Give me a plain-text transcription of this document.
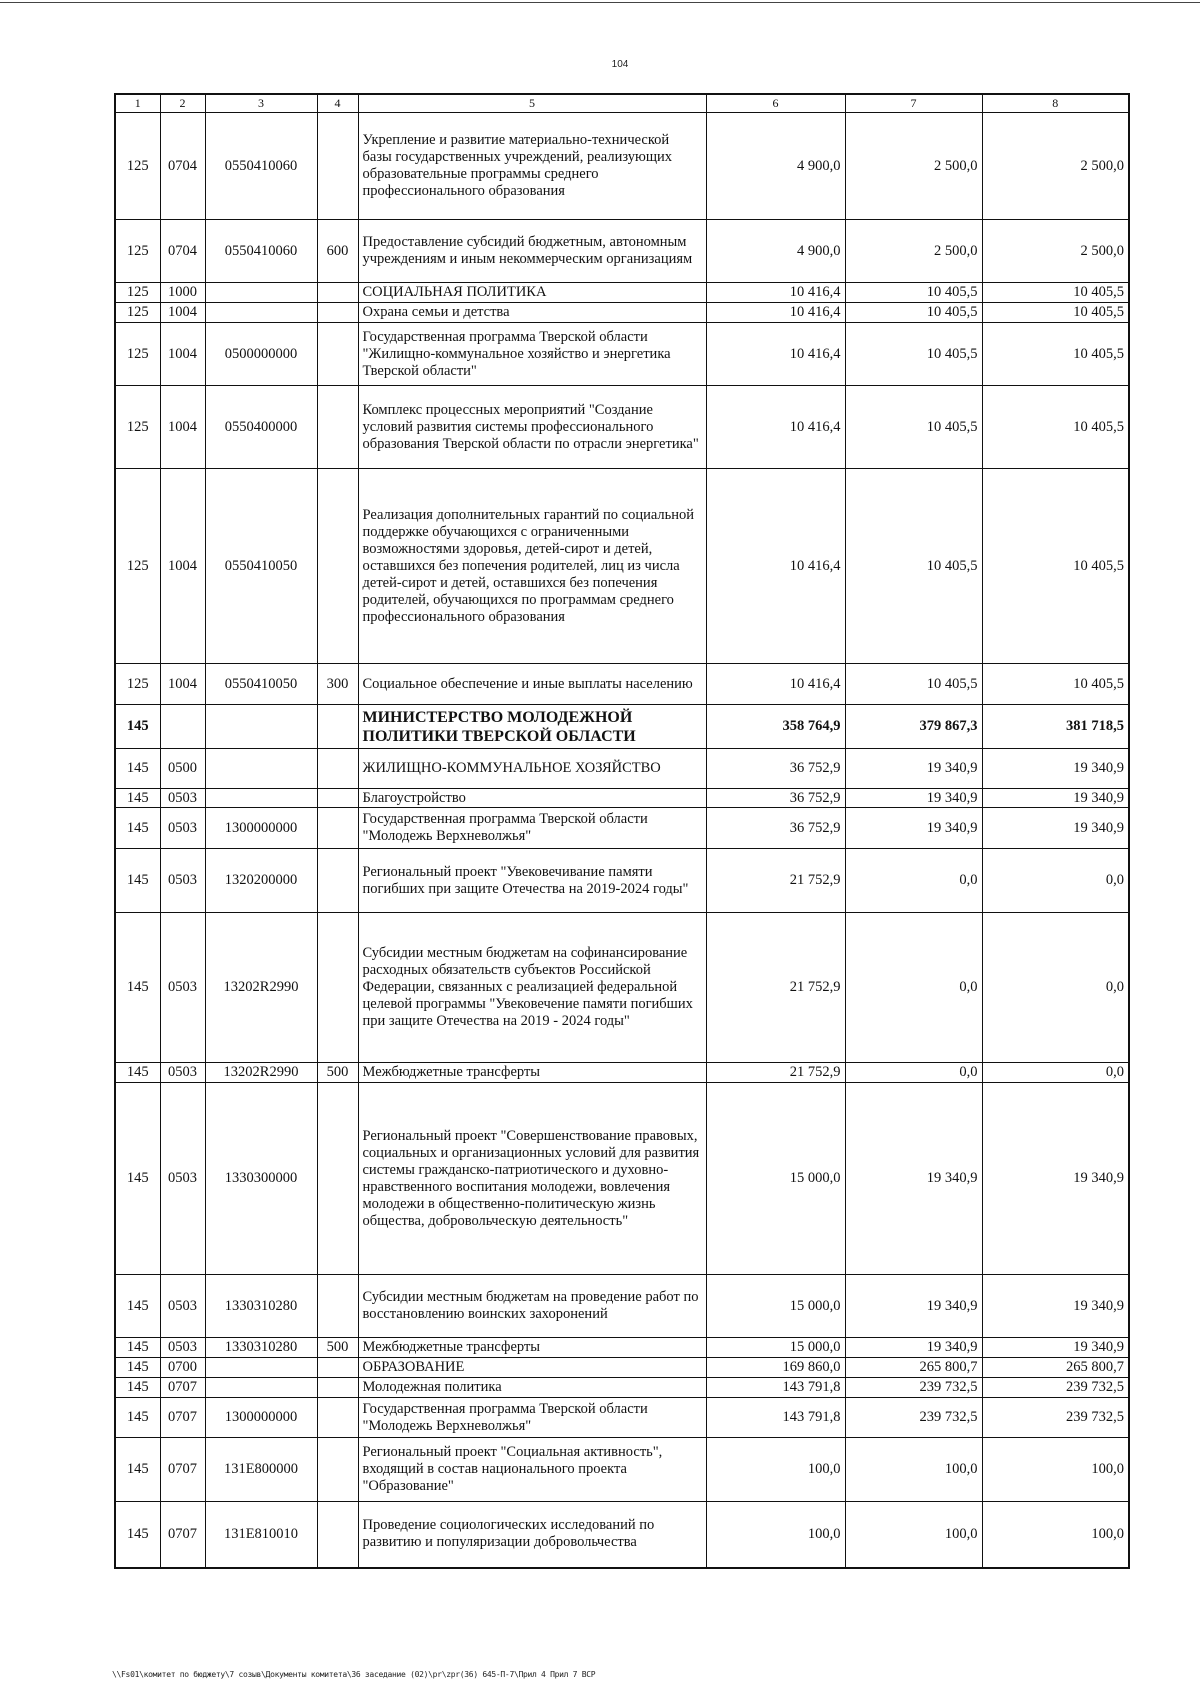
104
1	2	3	4	5	6	7	8
125	0704	0550410060		Укрепление и развитие материально-технической базы государственных учреждений, реализующих образовательные программы среднего профессионального образования	4 900,0	2 500,0	2 500,0
125	0704	0550410060	600	Предоставление субсидий бюджетным, автономным учреждениям и иным некоммерческим организациям	4 900,0	2 500,0	2 500,0
125	1000			СОЦИАЛЬНАЯ ПОЛИТИКА	10 416,4	10 405,5	10 405,5
125	1004			Охрана семьи и детства	10 416,4	10 405,5	10 405,5
125	1004	0500000000		Государственная программа Тверской области "Жилищно-коммунальное хозяйство и энергетика Тверской области"	10 416,4	10 405,5	10 405,5
125	1004	0550400000		Комплекс процессных мероприятий "Создание условий развития системы профессионального образования Тверской области по отрасли энергетика"	10 416,4	10 405,5	10 405,5
125	1004	0550410050		Реализация дополнительных гарантий по социальной поддержке обучающихся с ограниченными возможностями здоровья, детей-сирот и детей, оставшихся без попечения родителей, лиц из числа детей-сирот и детей, оставшихся без попечения родителей, обучающихся по программам среднего профессионального образования	10 416,4	10 405,5	10 405,5
125	1004	0550410050	300	Социальное обеспечение и иные выплаты населению	10 416,4	10 405,5	10 405,5
145				МИНИСТЕРСТВО МОЛОДЕЖНОЙ ПОЛИТИКИ ТВЕРСКОЙ ОБЛАСТИ	358 764,9	379 867,3	381 718,5
145	0500			ЖИЛИЩНО-КОММУНАЛЬНОЕ ХОЗЯЙСТВО	36 752,9	19 340,9	19 340,9
145	0503			Благоустройство	36 752,9	19 340,9	19 340,9
145	0503	1300000000		Государственная программа Тверской области "Молодежь Верхневолжья"	36 752,9	19 340,9	19 340,9
145	0503	1320200000		Региональный проект "Увековечивание памяти погибших при защите Отечества на 2019-2024 годы"	21 752,9	0,0	0,0
145	0503	13202R2990		Субсидии местным бюджетам на софинансирование расходных обязательств субъектов Российской Федерации, связанных с реализацией федеральной целевой программы "Увековечение памяти погибших при защите Отечества на 2019 - 2024 годы"	21 752,9	0,0	0,0
145	0503	13202R2990	500	Межбюджетные трансферты	21 752,9	0,0	0,0
145	0503	1330300000		Региональный проект "Совершенствование правовых, социальных и организационных условий для развития системы гражданско-патриотического и духовно-нравственного воспитания молодежи, вовлечения молодежи в общественно-политическую жизнь общества, добровольческую деятельность"	15 000,0	19 340,9	19 340,9
145	0503	1330310280		Субсидии местным бюджетам на проведение работ по восстановлению воинских захоронений	15 000,0	19 340,9	19 340,9
145	0503	1330310280	500	Межбюджетные трансферты	15 000,0	19 340,9	19 340,9
145	0700			ОБРАЗОВАНИЕ	169 860,0	265 800,7	265 800,7
145	0707			Молодежная политика	143 791,8	239 732,5	239 732,5
145	0707	1300000000		Государственная программа Тверской области "Молодежь Верхневолжья"	143 791,8	239 732,5	239 732,5
145	0707	131E800000		Региональный проект "Социальная активность", входящий в состав национального проекта "Образование"	100,0	100,0	100,0
145	0707	131E810010		Проведение социологических исследований по развитию и популяризации добровольчества	100,0	100,0	100,0
\\Fs01\комитет по бюджету\7 созыв\Документы комитета\36 заседание (02)\pr\zpr(36) 645-П-7\Прил 4 Прил 7 ВСР
